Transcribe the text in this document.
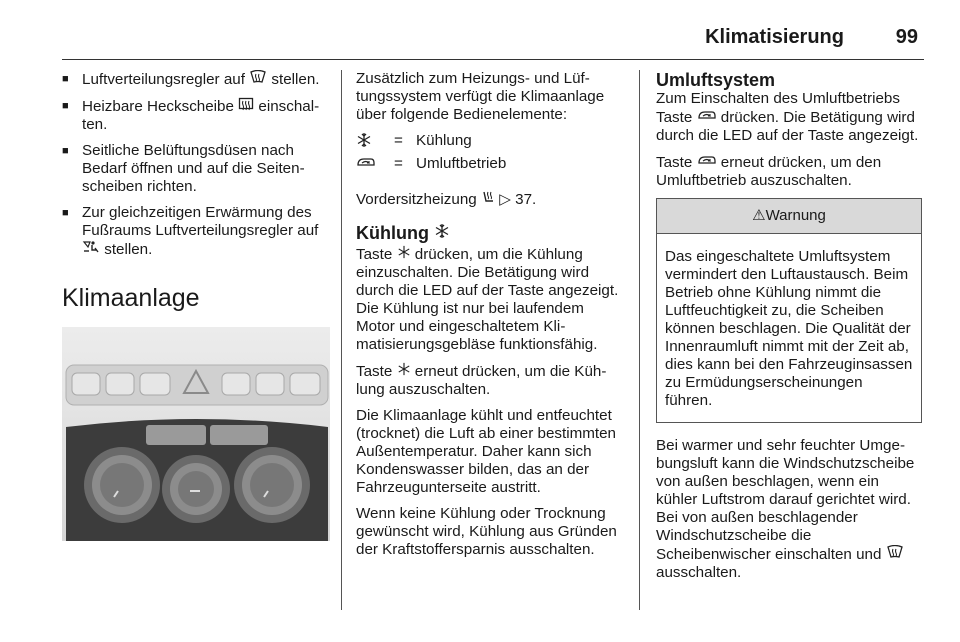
Klimatisierung	99
■ Luftverteilungsregler auf  stellen.
■ Heizbare Heckscheibe  einschalten.
■ Seitliche Belüftungsdüsen nach Bedarf öffnen und auf die Seitenscheiben richten.
■ Zur gleichzeitigen Erwärmung des Fußraums Luftverteilungsregler auf  stellen.
Klimaanlage

Zusätzlich zum Heizungs- und Lüftungssystem verfügt die Klimaanlage über folgende Bedienelemente:

= Kühlung
= Umluftbetrieb

Vordersitzheizung ▷ 37.

Kühlung

Taste  drücken, um die Kühlung einzuschalten. Die Betätigung wird durch die LED auf der Taste angezeigt. Die Kühlung ist nur bei laufendem Motor und eingeschaltetem Klimatisierungsgebläse funktionsfähig.

Taste  erneut drücken, um die Kühlung auszuschalten.

Die Klimaanlage kühlt und entfeuchtet (trocknet) die Luft ab einer bestimmten Außentemperatur. Daher kann sich Kondenswasser bilden, das an der Fahrzeugunterseite austritt.

Wenn keine Kühlung oder Trocknung gewünscht wird, Kühlung aus Gründen der Kraftstoffersparnis ausschalten.

Umluftsystem

Zum Einschalten des Umluftbetriebs Taste  drücken. Die Betätigung wird durch die LED auf der Taste angezeigt.

Taste  erneut drücken, um den Umluftbetrieb auszuschalten.

⚠Warnung
Das eingeschaltete Umluftsystem vermindert den Luftaustausch. Beim Betrieb ohne Kühlung nimmt die Luftfeuchtigkeit zu, die Scheiben können beschlagen. Die Qualität der Innenraumluft nimmt mit der Zeit ab, dies kann bei den Fahrzeuginsassen zu Ermüdungserscheinungen führen.

Bei warmer und sehr feuchter Umgebungsluft kann die Windschutzscheibe von außen beschlagen, wenn ein kühler Luftstrom darauf gerichtet wird. Bei von außen beschlagender Windschutzscheibe die Scheibenwischer einschalten und  ausschalten.
